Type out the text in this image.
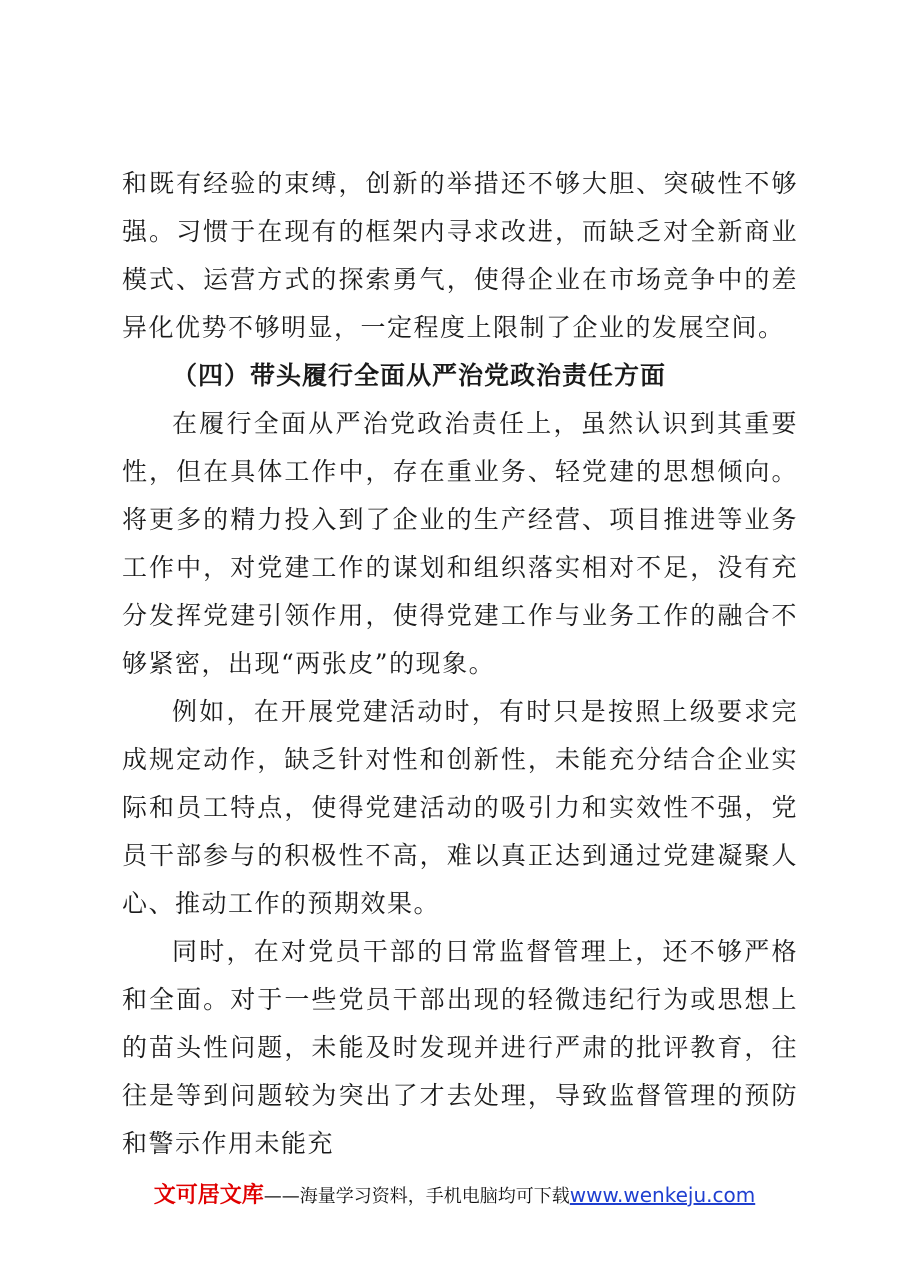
和既有经验的束缚，创新的举措还不够大胆、突破性不够强。习惯于在现有的框架内寻求改进，而缺乏对全新商业模式、运营方式的探索勇气，使得企业在市场竞争中的差异化优势不够明显，一定程度上限制了企业的发展空间。

（四）带头履行全面从严治党政治责任方面

在履行全面从严治党政治责任上，虽然认识到其重要性，但在具体工作中，存在重业务、轻党建的思想倾向。将更多的精力投入到了企业的生产经营、项目推进等业务工作中，对党建工作的谋划和组织落实相对不足，没有充分发挥党建引领作用，使得党建工作与业务工作的融合不够紧密，出现“两张皮”的现象。

例如，在开展党建活动时，有时只是按照上级要求完成规定动作，缺乏针对性和创新性，未能充分结合企业实际和员工特点，使得党建活动的吸引力和实效性不强，党员干部参与的积极性不高，难以真正达到通过党建凝聚人心、推动工作的预期效果。

同时，在对党员干部的日常监督管理上，还不够严格和全面。对于一些党员干部出现的轻微违纪行为或思想上的苗头性问题，未能及时发现并进行严肃的批评教育，往往是等到问题较为突出了才去处理，导致监督管理的预防和警示作用未能充

文可居文库——海量学习资料，手机电脑均可下载www.wenkeju.com
